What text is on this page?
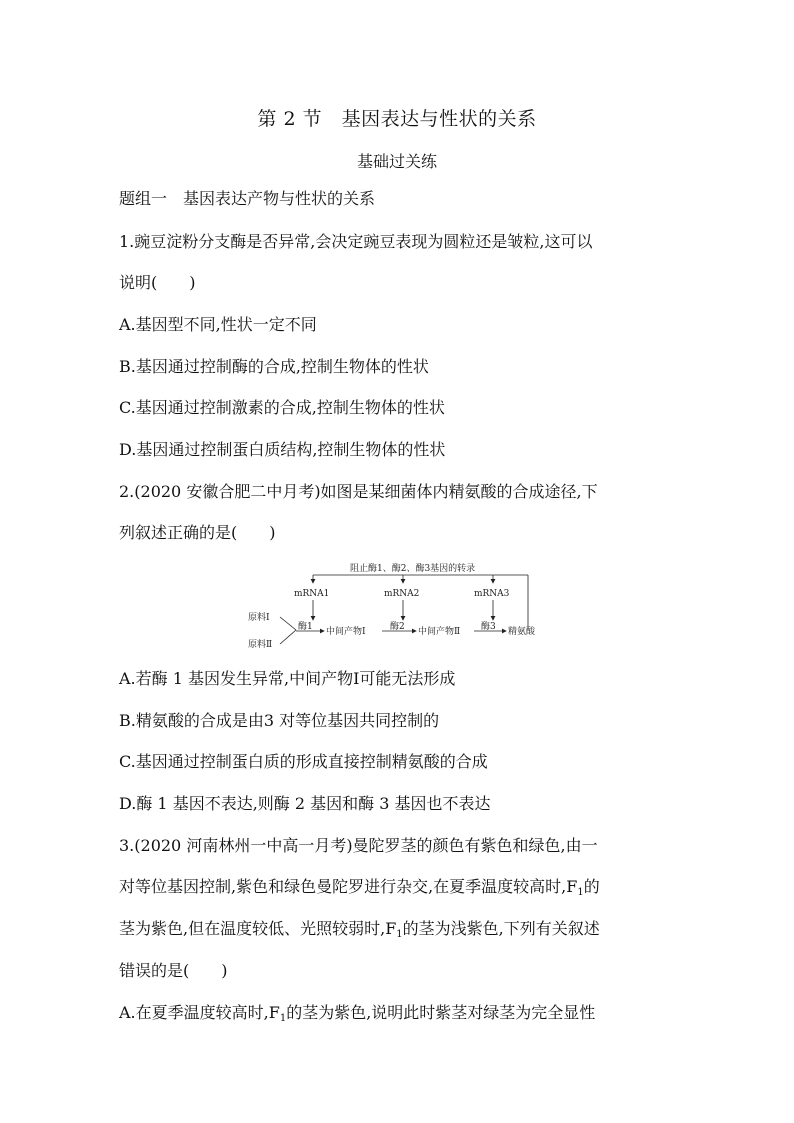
第 2 节　基因表达与性状的关系
基础过关练
题组一　基因表达产物与性状的关系
1.豌豆淀粉分支酶是否异常,会决定豌豆表现为圆粒还是皱粒,这可以
说明(　　)
A.基因型不同,性状一定不同
B.基因通过控制酶的合成,控制生物体的性状
C.基因通过控制激素的合成,控制生物体的性状
D.基因通过控制蛋白质结构,控制生物体的性状
2.(2020 安徽合肥二中月考)如图是某细菌体内精氨酸的合成途径,下
列叙述正确的是(　　)
阻止酶1、酶2、酶3基因的转录
mRNA1	mRNA2	mRNA3
原料Ⅰ
原料Ⅱ
酶1 中间产物Ⅰ	酶2 中间产物Ⅱ 酶3 精氨酸
A.若酶 1 基因发生异常,中间产物Ⅰ可能无法形成
B.精氨酸的合成是由3 对等位基因共同控制的
C.基因通过控制蛋白质的形成直接控制精氨酸的合成
D.酶 1 基因不表达,则酶 2 基因和酶 3 基因也不表达
3.(2020 河南林州一中高一月考)曼陀罗茎的颜色有紫色和绿色,由一
对等位基因控制,紫色和绿色曼陀罗进行杂交,在夏季温度较高时$,F_1$的
茎为紫色,但在温度较低、光照较弱时$,F_1$的茎为浅紫色,下列有关叙述
错误的是(　　)
A.在夏季温度较高时$,F_1$的茎为紫色,说明此时紫茎对绿茎为完全显性
